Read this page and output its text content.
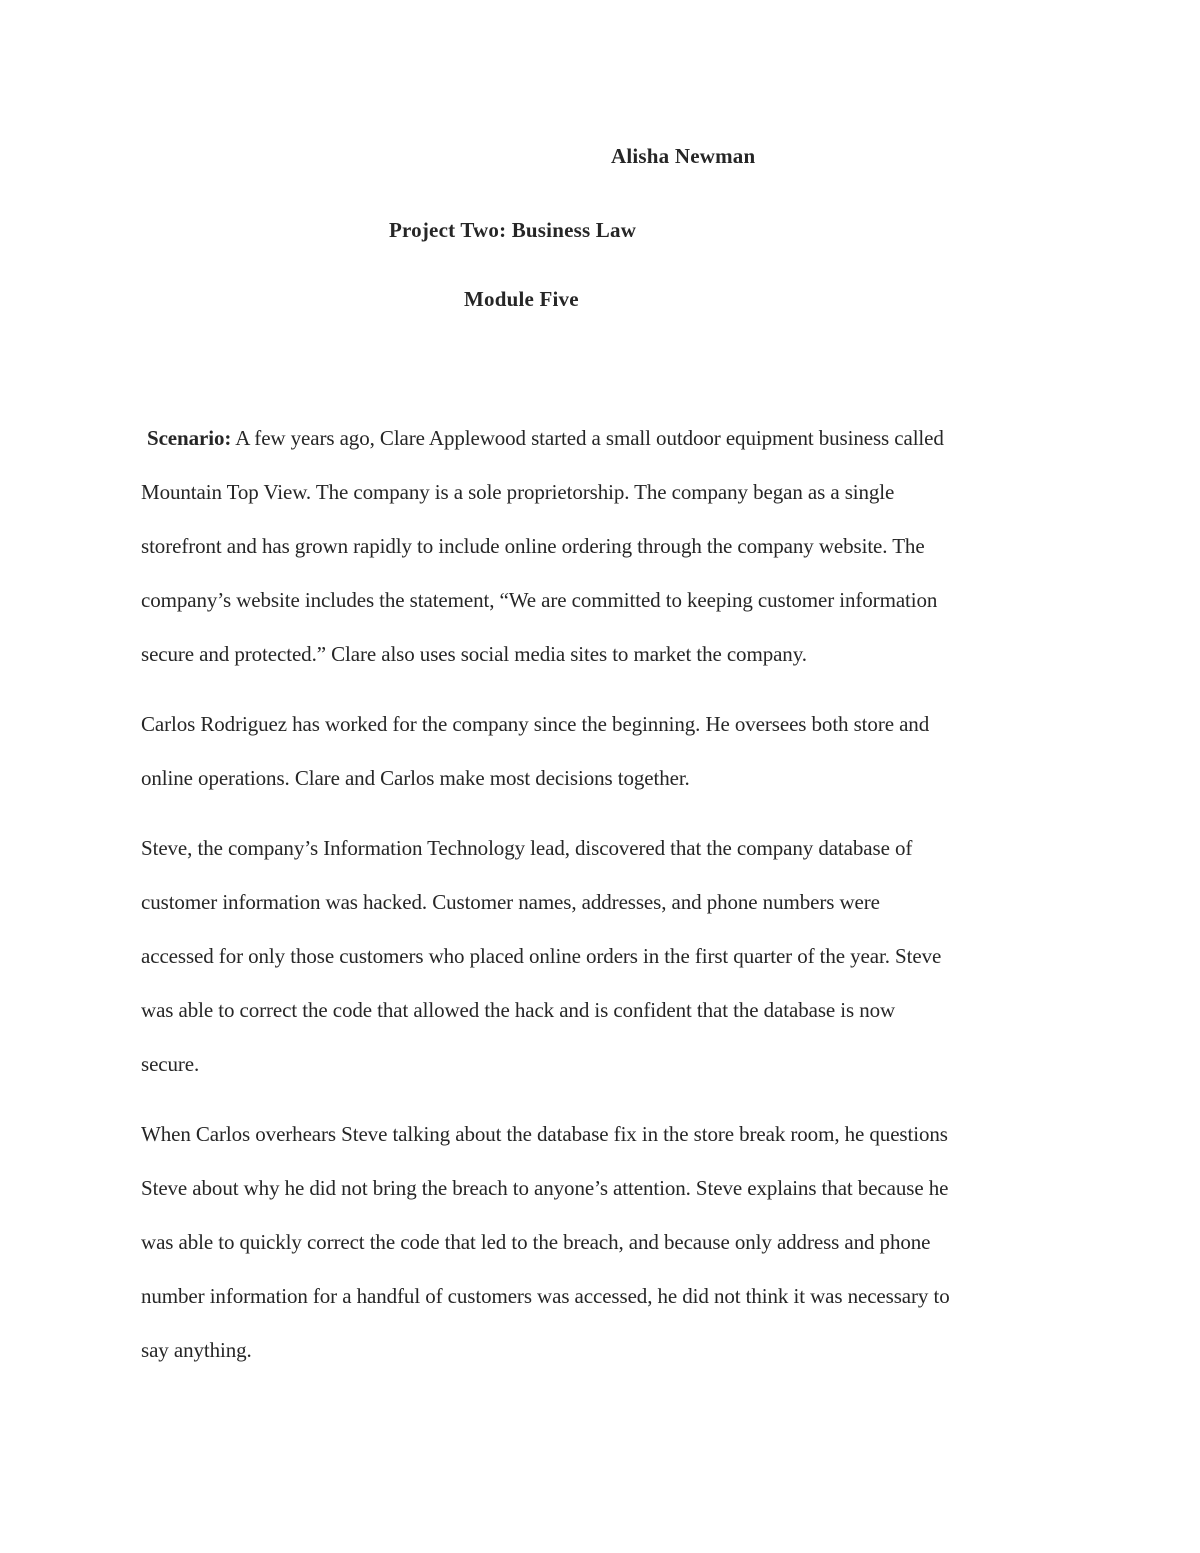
Alisha Newman

Project Two: Business Law

Module Five

Scenario: A few years ago, Clare Applewood started a small outdoor equipment business called
Mountain Top View. The company is a sole proprietorship. The company began as a single
storefront and has grown rapidly to include online ordering through the company website. The
company’s website includes the statement, “We are committed to keeping customer information
secure and protected.” Clare also uses social media sites to market the company.
Carlos Rodriguez has worked for the company since the beginning. He oversees both store and
online operations. Clare and Carlos make most decisions together.
Steve, the company’s Information Technology lead, discovered that the company database of
customer information was hacked. Customer names, addresses, and phone numbers were
accessed for only those customers who placed online orders in the first quarter of the year. Steve
was able to correct the code that allowed the hack and is confident that the database is now
secure.
When Carlos overhears Steve talking about the database fix in the store break room, he questions
Steve about why he did not bring the breach to anyone’s attention. Steve explains that because he
was able to quickly correct the code that led to the breach, and because only address and phone
number information for a handful of customers was accessed, he did not think it was necessary to
say anything.
